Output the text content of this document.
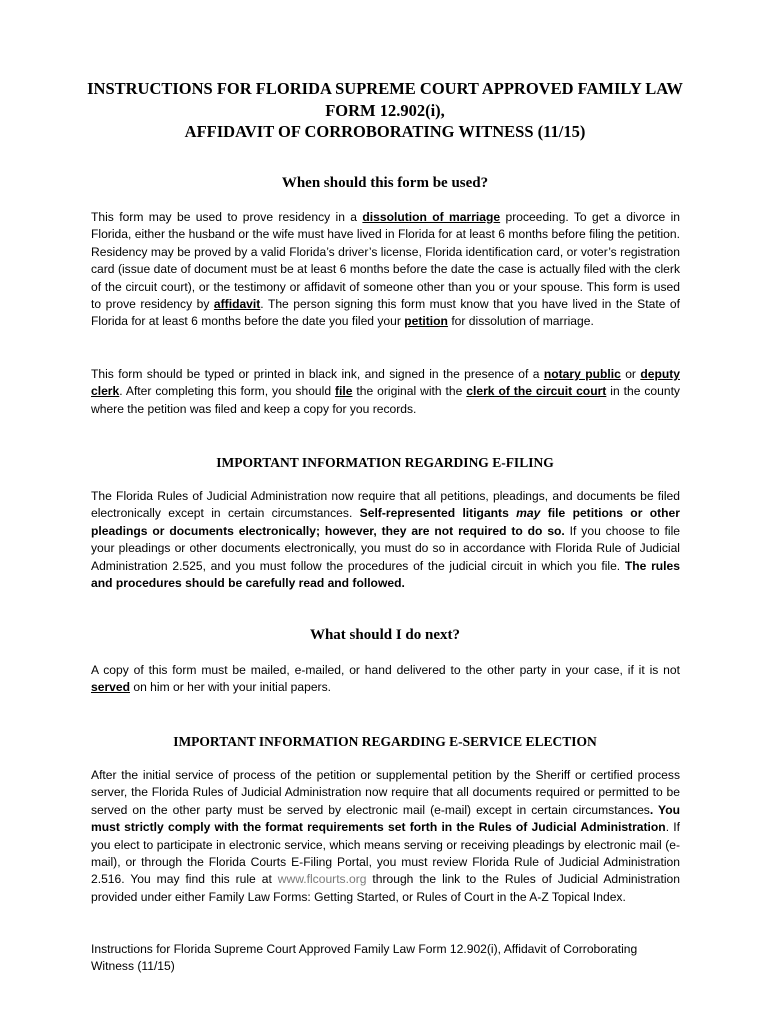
INSTRUCTIONS FOR FLORIDA SUPREME COURT APPROVED FAMILY LAW
FORM 12.902(i),
AFFIDAVIT OF CORROBORATING WITNESS (11/15)
When should this form be used?
This form may be used to prove residency in a dissolution of marriage proceeding. To get a divorce in Florida, either the husband or the wife must have lived in Florida for at least 6 months before filing the petition. Residency may be proved by a valid Florida’s driver’s license, Florida identification card, or voter’s registration card (issue date of document must be at least 6 months before the date the case is actually filed with the clerk of the circuit court), or the testimony or affidavit of someone other than you or your spouse. This form is used to prove residency by affidavit. The person signing this form must know that you have lived in the State of Florida for at least 6 months before the date you filed your petition for dissolution of marriage.
This form should be typed or printed in black ink, and signed in the presence of a notary public or deputy clerk. After completing this form, you should file the original with the clerk of the circuit court in the county where the petition was filed and keep a copy for you records.
IMPORTANT INFORMATION REGARDING E-FILING
The Florida Rules of Judicial Administration now require that all petitions, pleadings, and documents be filed electronically except in certain circumstances. Self-represented litigants may file petitions or other pleadings or documents electronically; however, they are not required to do so. If you choose to file your pleadings or other documents electronically, you must do so in accordance with Florida Rule of Judicial Administration 2.525, and you must follow the procedures of the judicial circuit in which you file. The rules and procedures should be carefully read and followed.
What should I do next?
A copy of this form must be mailed, e-mailed, or hand delivered to the other party in your case, if it is not served on him or her with your initial papers.
IMPORTANT INFORMATION REGARDING E-SERVICE ELECTION
After the initial service of process of the petition or supplemental petition by the Sheriff or certified process server, the Florida Rules of Judicial Administration now require that all documents required or permitted to be served on the other party must be served by electronic mail (e-mail) except in certain circumstances. You must strictly comply with the format requirements set forth in the Rules of Judicial Administration. If you elect to participate in electronic service, which means serving or receiving pleadings by electronic mail (e-mail), or through the Florida Courts E-Filing Portal, you must review Florida Rule of Judicial Administration 2.516. You may find this rule at www.flcourts.org through the link to the Rules of Judicial Administration provided under either Family Law Forms: Getting Started, or Rules of Court in the A-Z Topical Index.
Instructions for Florida Supreme Court Approved Family Law Form 12.902(i), Affidavit of Corroborating Witness (11/15)
